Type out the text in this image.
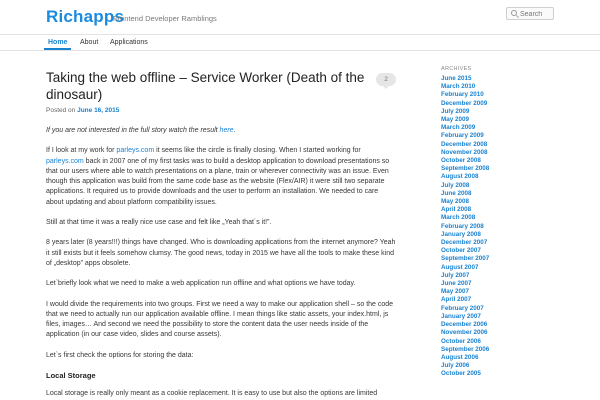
Richapps
Frontend Developer Ramblings
Search
Home	About	Applications
Taking the web offline – Service Worker (Death of the dinosaur)
2
Posted on June 16, 2015

If you are not interested in the full story watch the result here.

If I look at my work for parleys.com it seems like the circle is finally closing. When I started working for parleys.com back in 2007 one of my first tasks was to build a desktop application to download presentations so that our users where able to watch presentations on a plane, train or wherever connectivity was an issue. Even though this application was build from the same code base as the website (Flex/AIR) it were still two separate applications. It required us to provide downloads and the user to perform an installation. We needed to care about updating and about platform compatibility issues.

Still at that time it was a really nice use case and felt like „Yeah that´s it!”.

8 years later (8 years!!!) things have changed. Who is downloading applications from the internet anymore? Yeah it still exists but it feels somehow clumsy. The good news, today in 2015 we have all the tools to make these kind of „desktop” apps obsolete.

Let`briefly look what we need to make a web application run offline and what options we have today.

I would divide the requirements into two groups. First we need a way to make our application shell – so the code that we need to actually run our application available offline. I mean things like static assets, your index.html, js files, images… And second we need the possibility to store the content data the user needs inside of the application (in our case video, slides and course assets).

Let`s first check the options for storing the data:

Local Storage

Local storage is really only meant as a cookie replacement. It is easy to use but also the options are limited

ARCHIVES
June 2015
March 2010
February 2010
December 2009
July 2009
May 2009
March 2009
February 2009
December 2008
November 2008
October 2008
September 2008
August 2008
July 2008
June 2008
May 2008
April 2008
March 2008
February 2008
January 2008
December 2007
October 2007
September 2007
August 2007
July 2007
June 2007
May 2007
April 2007
February 2007
January 2007
December 2006
November 2006
October 2006
September 2006
August 2006
July 2006
October 2005
